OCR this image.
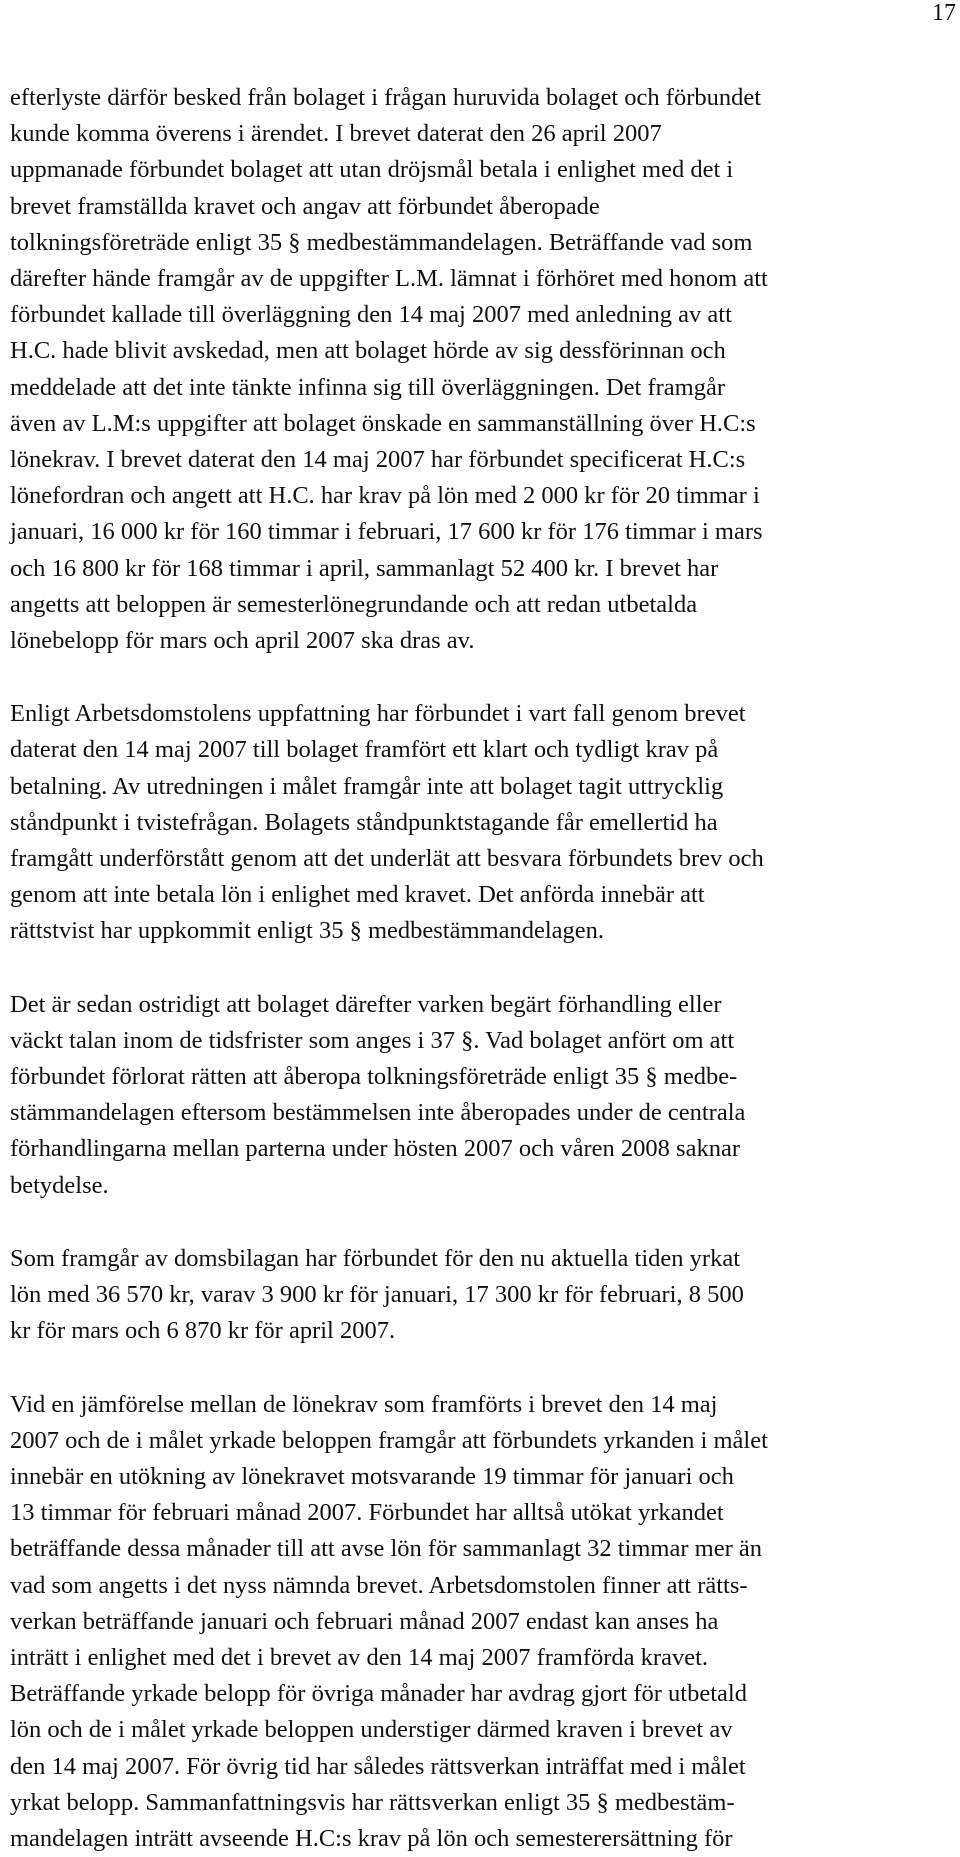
17

efterlyste därför besked från bolaget i frågan huruvida bolaget och förbundet
kunde komma överens i ärendet. I brevet daterat den 26 april 2007
uppmanade förbundet bolaget att utan dröjsmål betala i enlighet med det i
brevet framställda kravet och angav att förbundet åberopade
tolkningsföreträde enligt 35 § medbestämmandelagen. Beträffande vad som
därefter hände framgår av de uppgifter L.M. lämnat i förhöret med honom att
förbundet kallade till överläggning den 14 maj 2007 med anledning av att
H.C. hade blivit avskedad, men att bolaget hörde av sig dessförinnan och
meddelade att det inte tänkte infinna sig till överläggningen. Det framgår
även av L.M:s uppgifter att bolaget önskade en sammanställning över H.C:s
lönekrav. I brevet daterat den 14 maj 2007 har förbundet specificerat H.C:s
lönefordran och angett att H.C. har krav på lön med 2 000 kr för 20 timmar i
januari, 16 000 kr för 160 timmar i februari, 17 600 kr för 176 timmar i mars
och 16 800 kr för 168 timmar i april, sammanlagt 52 400 kr. I brevet har
angetts att beloppen är semesterlönegrundande och att redan utbetalda
lönebelopp för mars och april 2007 ska dras av.

Enligt Arbetsdomstolens uppfattning har förbundet i vart fall genom brevet
daterat den 14 maj 2007 till bolaget framfört ett klart och tydligt krav på
betalning. Av utredningen i målet framgår inte att bolaget tagit uttrycklig
ståndpunkt i tvistefrågan. Bolagets ståndpunktstagande får emellertid ha
framgått underförstått genom att det underlät att besvara förbundets brev och
genom att inte betala lön i enlighet med kravet. Det anförda innebär att
rättstvist har uppkommit enligt 35 § medbestämmandelagen.

Det är sedan ostridigt att bolaget därefter varken begärt förhandling eller
väckt talan inom de tidsfrister som anges i 37 §. Vad bolaget anfört om att
förbundet förlorat rätten att åberopa tolkningsföreträde enligt 35 § medbe-
stämmandelagen eftersom bestämmelsen inte åberopades under de centrala
förhandlingarna mellan parterna under hösten 2007 och våren 2008 saknar
betydelse.

Som framgår av domsbilagan har förbundet för den nu aktuella tiden yrkat
lön med 36 570 kr, varav 3 900 kr för januari, 17 300 kr för februari, 8 500
kr för mars och 6 870 kr för april 2007.

Vid en jämförelse mellan de lönekrav som framförts i brevet den 14 maj
2007 och de i målet yrkade beloppen framgår att förbundets yrkanden i målet
innebär en utökning av lönekravet motsvarande 19 timmar för januari och
13 timmar för februari månad 2007. Förbundet har alltså utökat yrkandet
beträffande dessa månader till att avse lön för sammanlagt 32 timmar mer än
vad som angetts i det nyss nämnda brevet. Arbetsdomstolen finner att rätts-
verkan beträffande januari och februari månad 2007 endast kan anses ha
inträtt i enlighet med det i brevet av den 14 maj 2007 framförda kravet.
Beträffande yrkade belopp för övriga månader har avdrag gjort för utbetald
lön och de i målet yrkade beloppen understiger därmed kraven i brevet av
den 14 maj 2007. För övrig tid har således rättsverkan inträffat med i målet
yrkat belopp. Sammanfattningsvis har rättsverkan enligt 35 § medbestäm-
mandelagen inträtt avseende H.C:s krav på lön och semesterersättning för
